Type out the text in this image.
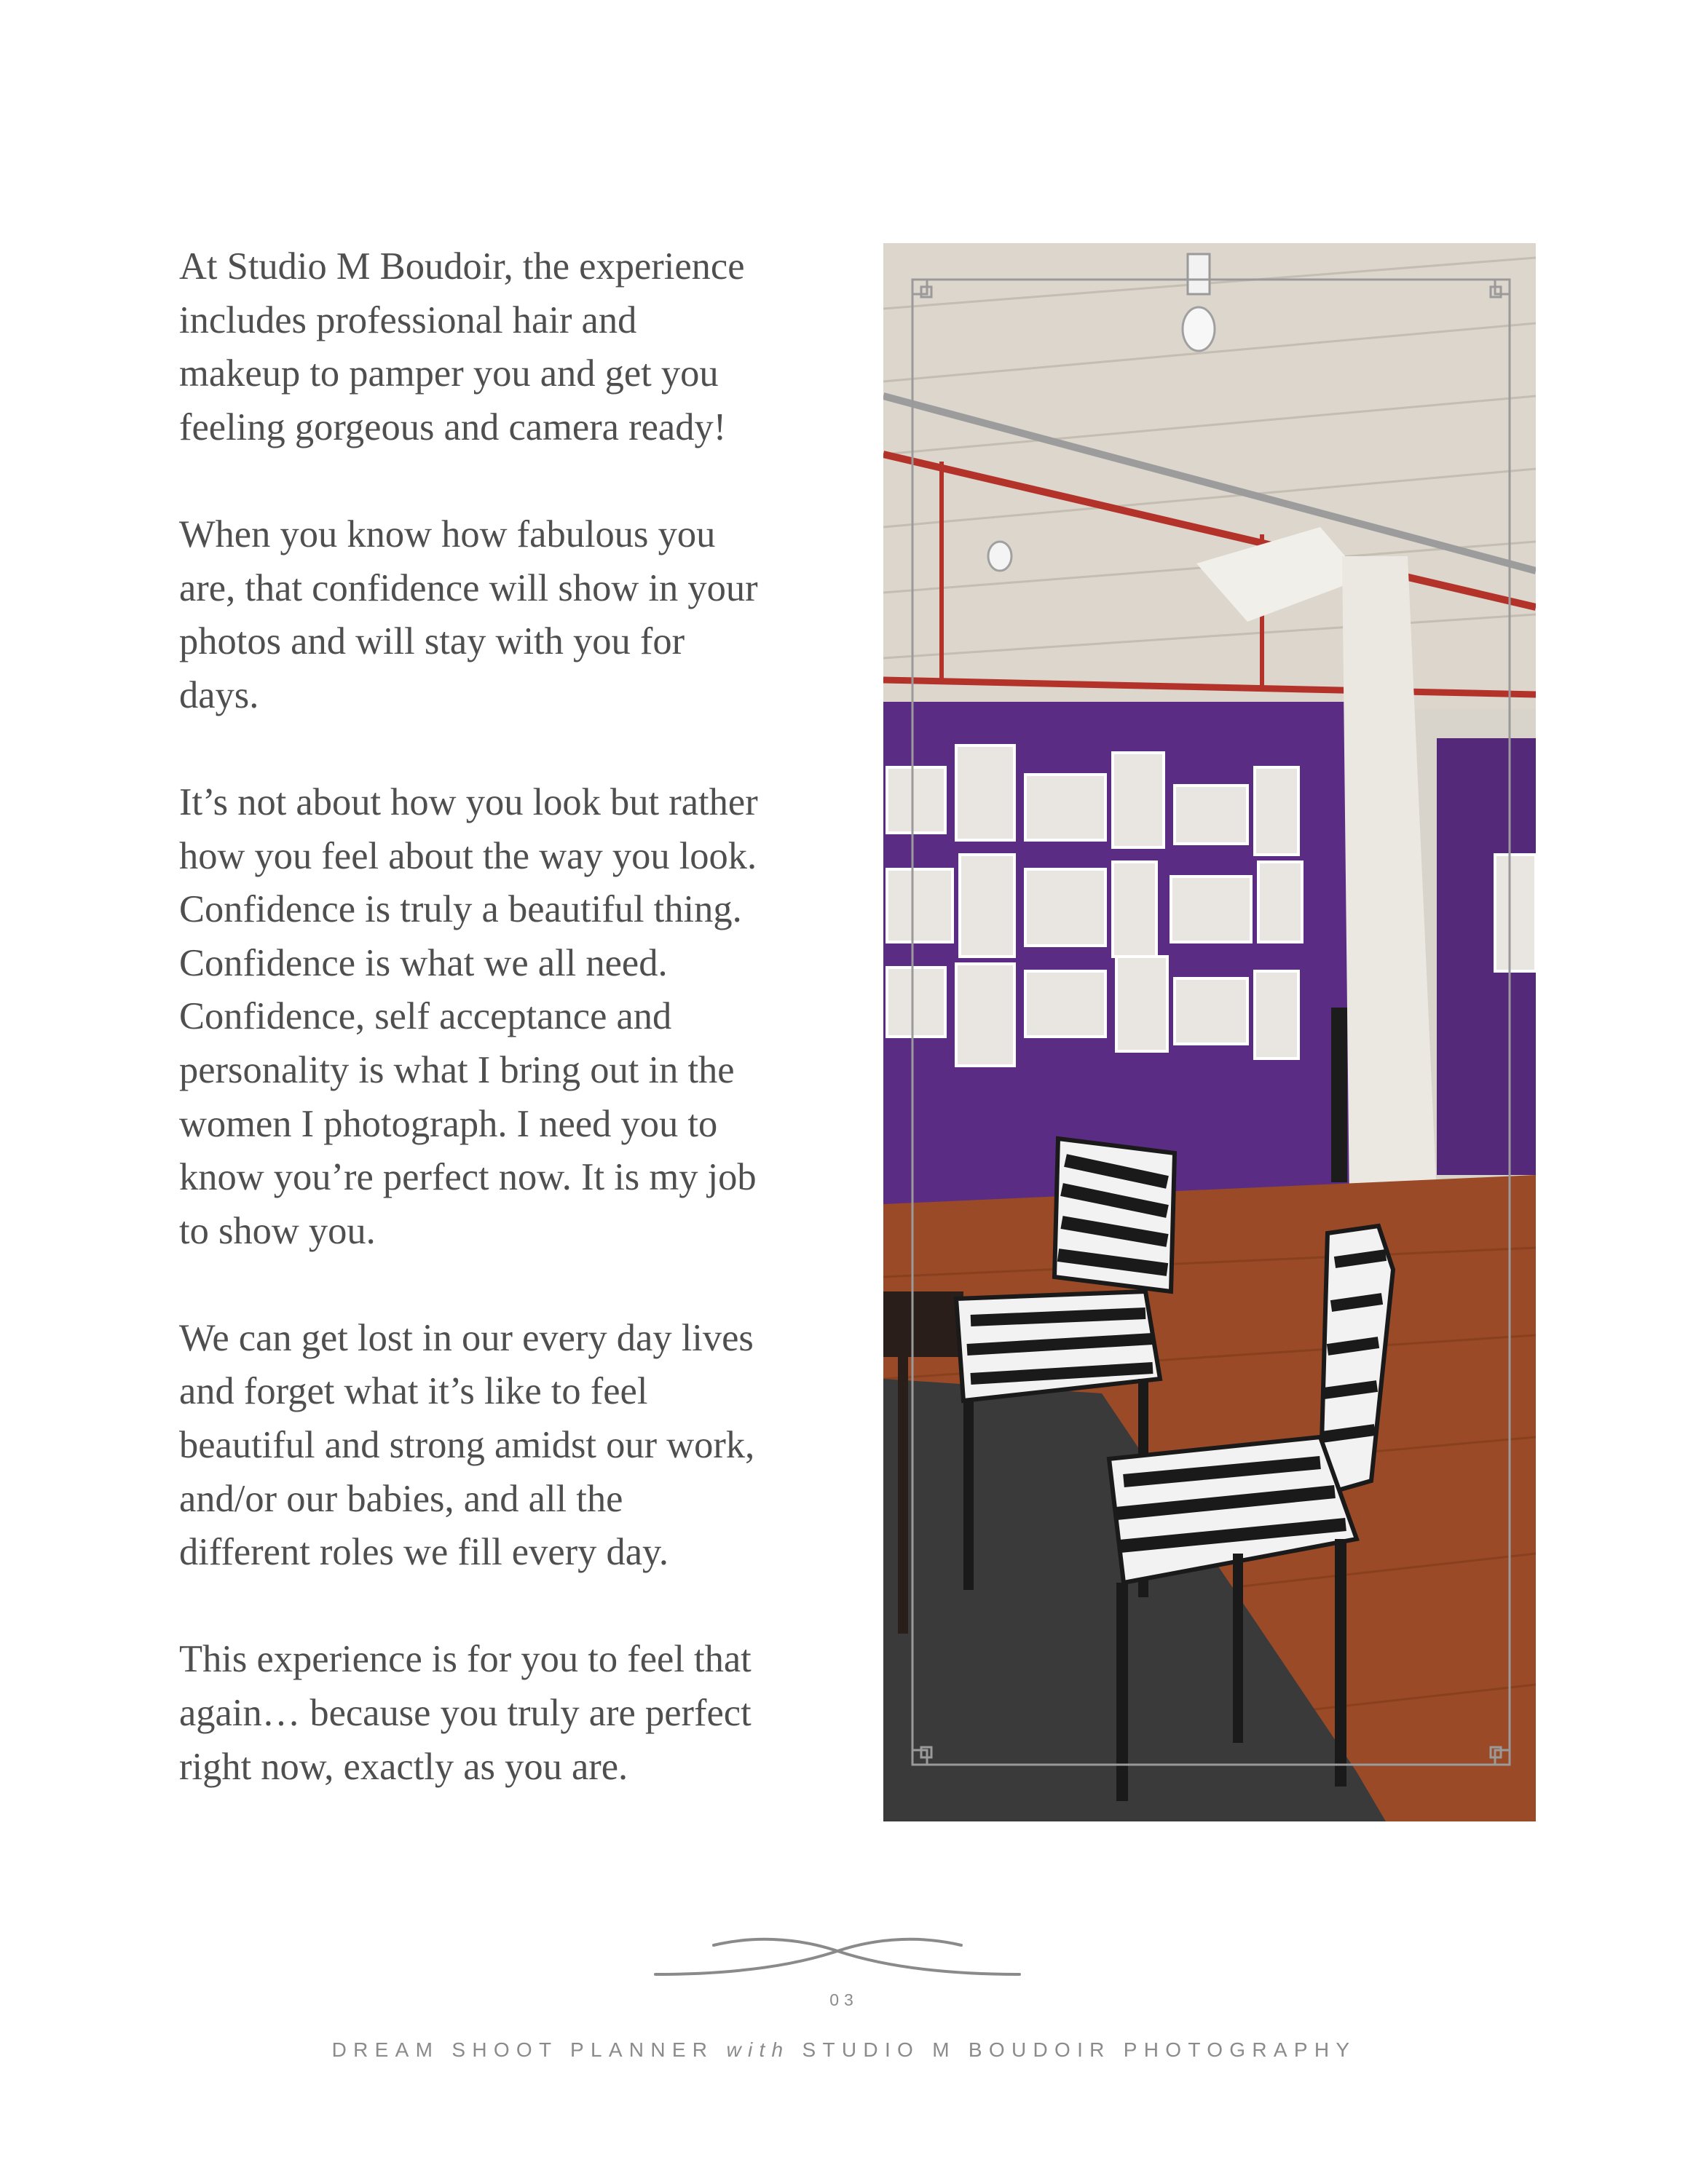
At Studio M Boudoir, the experience
includes professional hair and
makeup to pamper you and get you
feeling gorgeous and camera ready!

When you know how fabulous you
are, that confidence will show in your
photos and will stay with you for
days.

It’s not about how you look but rather
how you feel about the way you look.
Confidence is truly a beautiful thing.
Confidence is what we all need.
Confidence, self acceptance and
personality is what I bring out in the
women I photograph. I need you to
know you’re perfect now. It is my job
to show you.

We can get lost in our every day lives
and forget what it’s like to feel
beautiful and strong amidst our work,
and/or our babies, and all the
different roles we fill every day.

This experience is for you to feel that
again… because you truly are perfect
right now, exactly as you are.

03
DREAM SHOOT PLANNER with STUDIO M BOUDOIR PHOTOGRAPHY
